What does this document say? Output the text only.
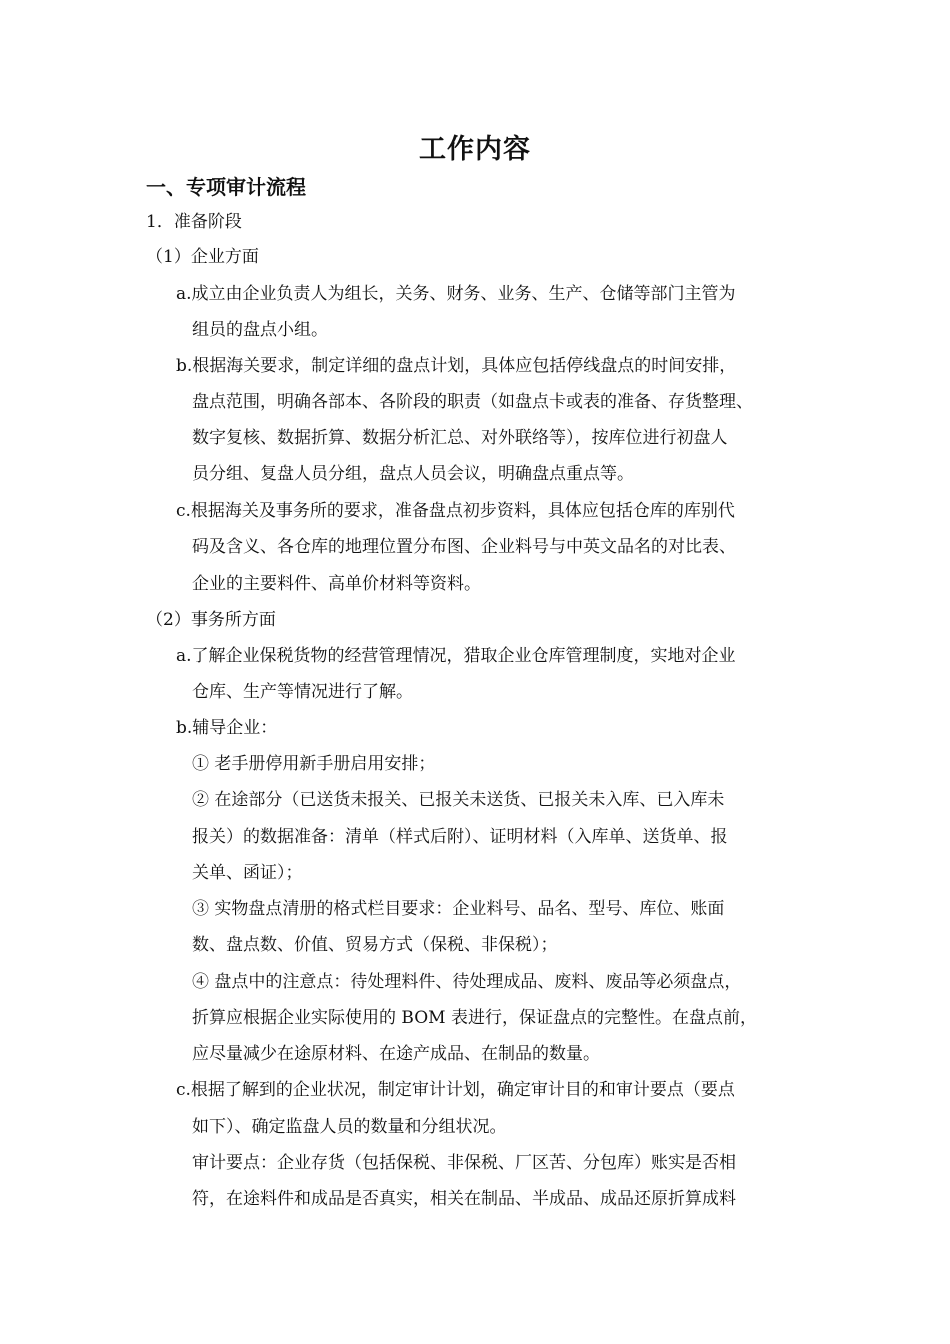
工作内容
一、专项审计流程
1．准备阶段
（1）企业方面
a.成立由企业负责人为组长，关务、财务、业务、生产、仓储等部门主管为
组员的盘点小组。
b.根据海关要求，制定详细的盘点计划，具体应包括停线盘点的时间安排，
盘点范围，明确各部本、各阶段的职责（如盘点卡或表的准备、存货整理、
数字复核、数据折算、数据分析汇总、对外联络等），按库位进行初盘人
员分组、复盘人员分组，盘点人员会议，明确盘点重点等。
c.根据海关及事务所的要求，准备盘点初步资料，具体应包括仓库的库别代
码及含义、各仓库的地理位置分布图、企业料号与中英文品名的对比表、
企业的主要料件、高单价材料等资料。
（2）事务所方面
a.了解企业保税货物的经营管理情况，猎取企业仓库管理制度，实地对企业
仓库、生产等情况进行了解。
b.辅导企业：
① 老手册停用新手册启用安排；
② 在途部分（已送货未报关、已报关未送货、已报关未入库、已入库未
报关）的数据准备：清单（样式后附）、证明材料（入库单、送货单、报
关单、函证）；
③ 实物盘点清册的格式栏目要求：企业料号、品名、型号、库位、账面
数、盘点数、价值、贸易方式（保税、非保税）；
④ 盘点中的注意点：待处理料件、待处理成品、废料、废品等必须盘点，
折算应根据企业实际使用的 BOM 表进行，保证盘点的完整性。在盘点前，
应尽量减少在途原材料、在途产成品、在制品的数量。
c.根据了解到的企业状况，制定审计计划，确定审计目的和审计要点（要点
如下）、确定监盘人员的数量和分组状况。
审计要点：企业存货（包括保税、非保税、厂区苦、分包库）账实是否相
符，在途料件和成品是否真实，相关在制品、半成品、成品还原折算成料
